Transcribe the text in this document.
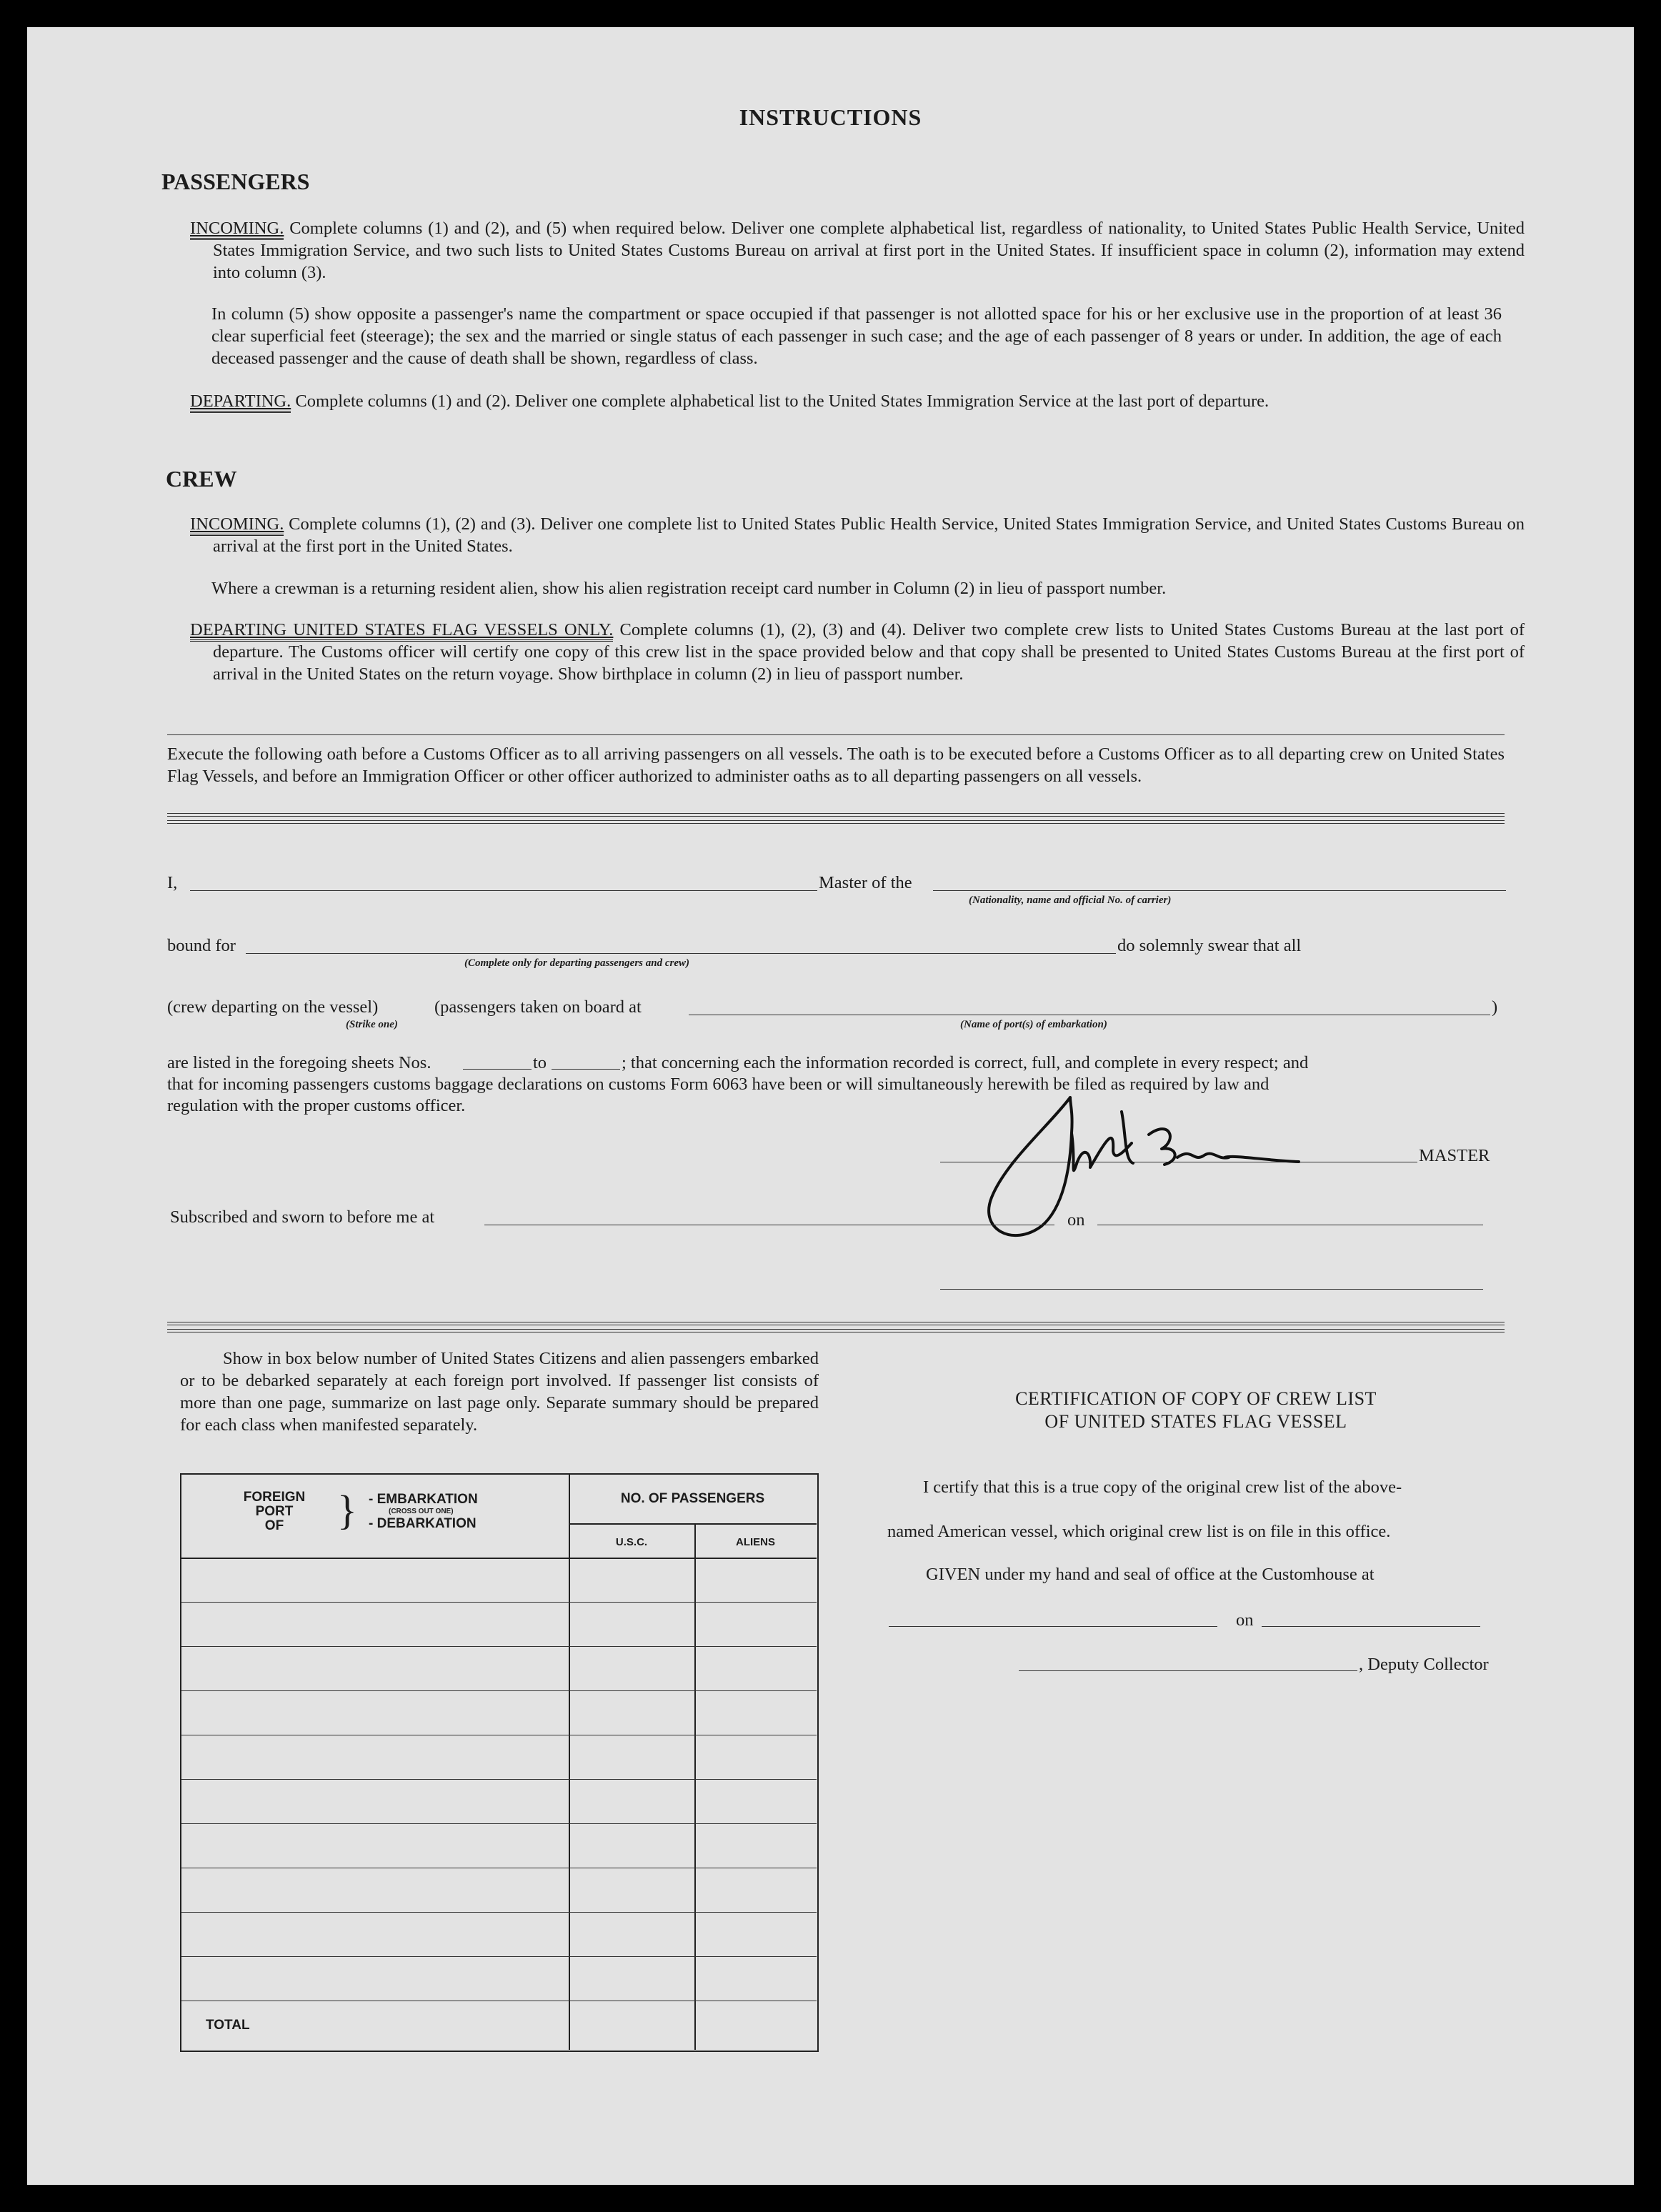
INSTRUCTIONS
PASSENGERS
INCOMING. Complete columns (1) and (2), and (5) when required below. Deliver one complete alphabetical list, regardless of nationality, to United States Public Health Service, United States Immigration Service, and two such lists to United States Customs Bureau on arrival at first port in the United States. If insufficient space in column (2), information may extend into column (3).
In column (5) show opposite a passenger's name the compartment or space occupied if that passenger is not allotted space for his or her exclusive use in the proportion of at least 36 clear superficial feet (steerage); the sex and the married or single status of each passenger in such case; and the age of each passenger of 8 years or under. In addition, the age of each deceased passenger and the cause of death shall be shown, regardless of class.
DEPARTING. Complete columns (1) and (2). Deliver one complete alphabetical list to the United States Immigration Service at the last port of departure.
CREW
INCOMING. Complete columns (1), (2) and (3). Deliver one complete list to United States Public Health Service, United States Immigration Service, and United States Customs Bureau on arrival at the first port in the United States.
Where a crewman is a returning resident alien, show his alien registration receipt card number in Column (2) in lieu of passport number.
DEPARTING UNITED STATES FLAG VESSELS ONLY. Complete columns (1), (2), (3) and (4). Deliver two complete crew lists to United States Customs Bureau at the last port of departure. The Customs officer will certify one copy of this crew list in the space provided below and that copy shall be presented to United States Customs Bureau at the first port of arrival in the United States on the return voyage. Show birthplace in column (2) in lieu of passport number.
Execute the following oath before a Customs Officer as to all arriving passengers on all vessels. The oath is to be executed before a Customs Officer as to all departing crew on United States Flag Vessels, and before an Immigration Officer or other officer authorized to administer oaths as to all departing passengers on all vessels.
I,	Master of the
(Nationality, name and official No. of carrier)
bound for	do solemnly swear that all
(Complete only for departing passengers and crew)
(crew departing on the vessel)	(passengers taken on board at	)
(Strike one)	(Name of port(s) of embarkation)
are listed in the foregoing sheets Nos.	to	; that concerning each the information recorded is correct, full, and complete in every respect; and
that for incoming passengers customs baggage declarations on customs Form 6063 have been or will simultaneously herewith be filed as required by law and
regulation with the proper customs officer.
MASTER
Subscribed and sworn to before me at	on
Show in box below number of United States Citizens and alien passengers embarked or to be debarked separately at each foreign port involved. If passenger list consists of more than one page, summarize on last page only. Separate summary should be prepared for each class when manifested separately.
FOREIGN
PORT
OF	} - EMBARKATION
(CROSS OUT ONE)
- DEBARKATION
NO. OF PASSENGERS
U.S.C.	ALIENS
TOTAL
CERTIFICATION OF COPY OF CREW LIST
OF UNITED STATES FLAG VESSEL
I certify that this is a true copy of the original crew list of the above-
named American vessel, which original crew list is on file in this office.
GIVEN under my hand and seal of office at the Customhouse at
on
, Deputy Collector
